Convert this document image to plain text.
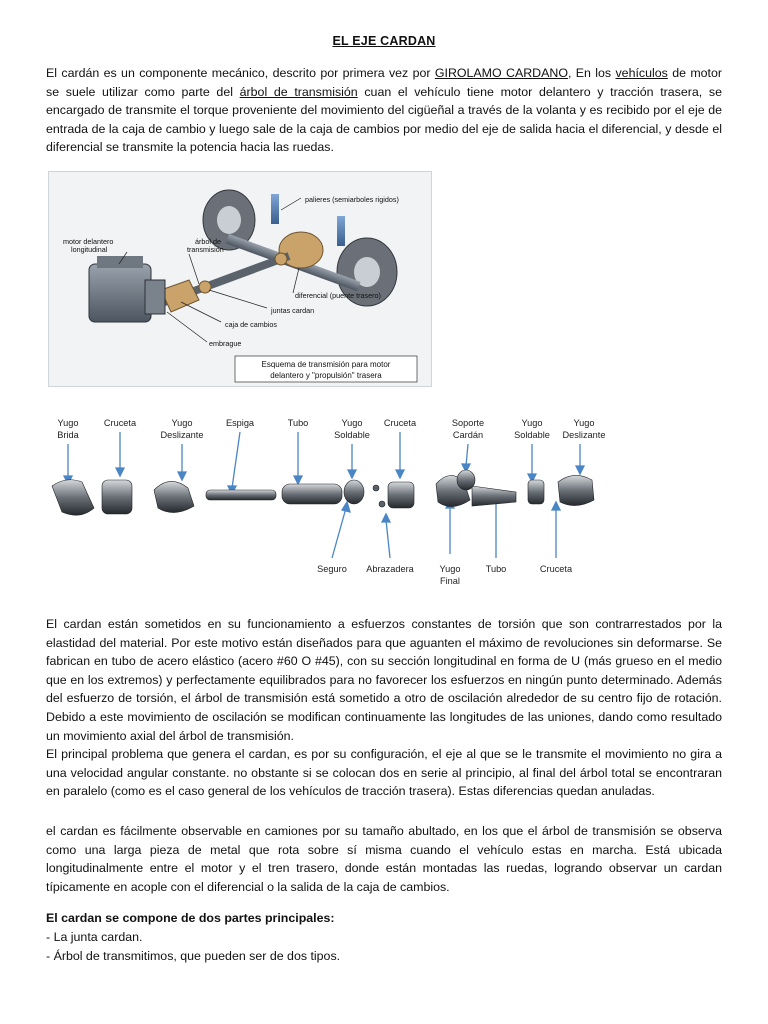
EL EJE CARDAN

El cardán es un componente mecánico, descrito por primera vez por GIROLAMO CARDANO, En los vehículos de motor se suele utilizar como parte del árbol de transmisión cuan el vehículo tiene motor delantero y tracción trasera, se encargado de transmite el torque proveniente del movimiento del cigüeñal a través de la volanta y es recibido por el eje de entrada de la caja de cambio y luego sale de la caja de cambios por medio del eje de salida hacia el diferencial, y desde el diferencial se transmite la potencia hacia las ruedas.

motor delantero
longitudinal
árbol de
transmisión
palieres (semiarboles rigidos)
diferencial (puente trasero)
juntas cardan
caja de cambios
embrague
Esquema de transmisión para motor
delantero y "propulsión" trasera
Yugo
Brida
Cruceta	Yugo
Deslizante
Espiga	Tubo	Yugo
Soldable
Cruceta	Soporte
Cardán
Yugo
Soldable
Yugo
Deslizante
Seguro Abrazadera	Yugo
Final
Tubo	Cruceta

El cardan están sometidos en su funcionamiento a esfuerzos constantes de torsión que son contrarrestados por la elastidad del material. Por este motivo están diseñados para que aguanten el máximo de revoluciones sin deformarse. Se fabrican en tubo de acero elástico (acero #60 O #45), con su sección longitudinal en forma de U (más grueso en el medio que en los extremos) y perfectamente equilibrados para no favorecer los esfuerzos en ningún punto determinado. Además del esfuerzo de torsión, el árbol de transmisión está sometido a otro de oscilación alrededor de su centro fijo de rotación. Debido a este movimiento de oscilación se modifican continuamente las longitudes de las uniones, dando como resultado un movimiento axial del árbol de transmisión.

El principal problema que genera el cardan, es por su configuración, el eje al que se le transmite el movimiento no gira a una velocidad angular constante. no obstante si se colocan dos en serie al principio, al final del árbol total se encontraran en paralelo (como es el caso general de los vehículos de tracción trasera). Estas diferencias quedan anuladas.

el cardan es fácilmente observable en camiones por su tamaño abultado, en los que el árbol de transmisión se observa como una larga pieza de metal que rota sobre sí misma cuando el vehículo estas en marcha. Está ubicada longitudinalmente entre el motor y el tren trasero, donde están montadas las ruedas, logrando observar un cardan típicamente en acople con el diferencial o la salida de la caja de cambios.

El cardan se compone de dos partes principales:

- La junta cardan.
- Árbol de transmitimos, que pueden ser de dos tipos.
